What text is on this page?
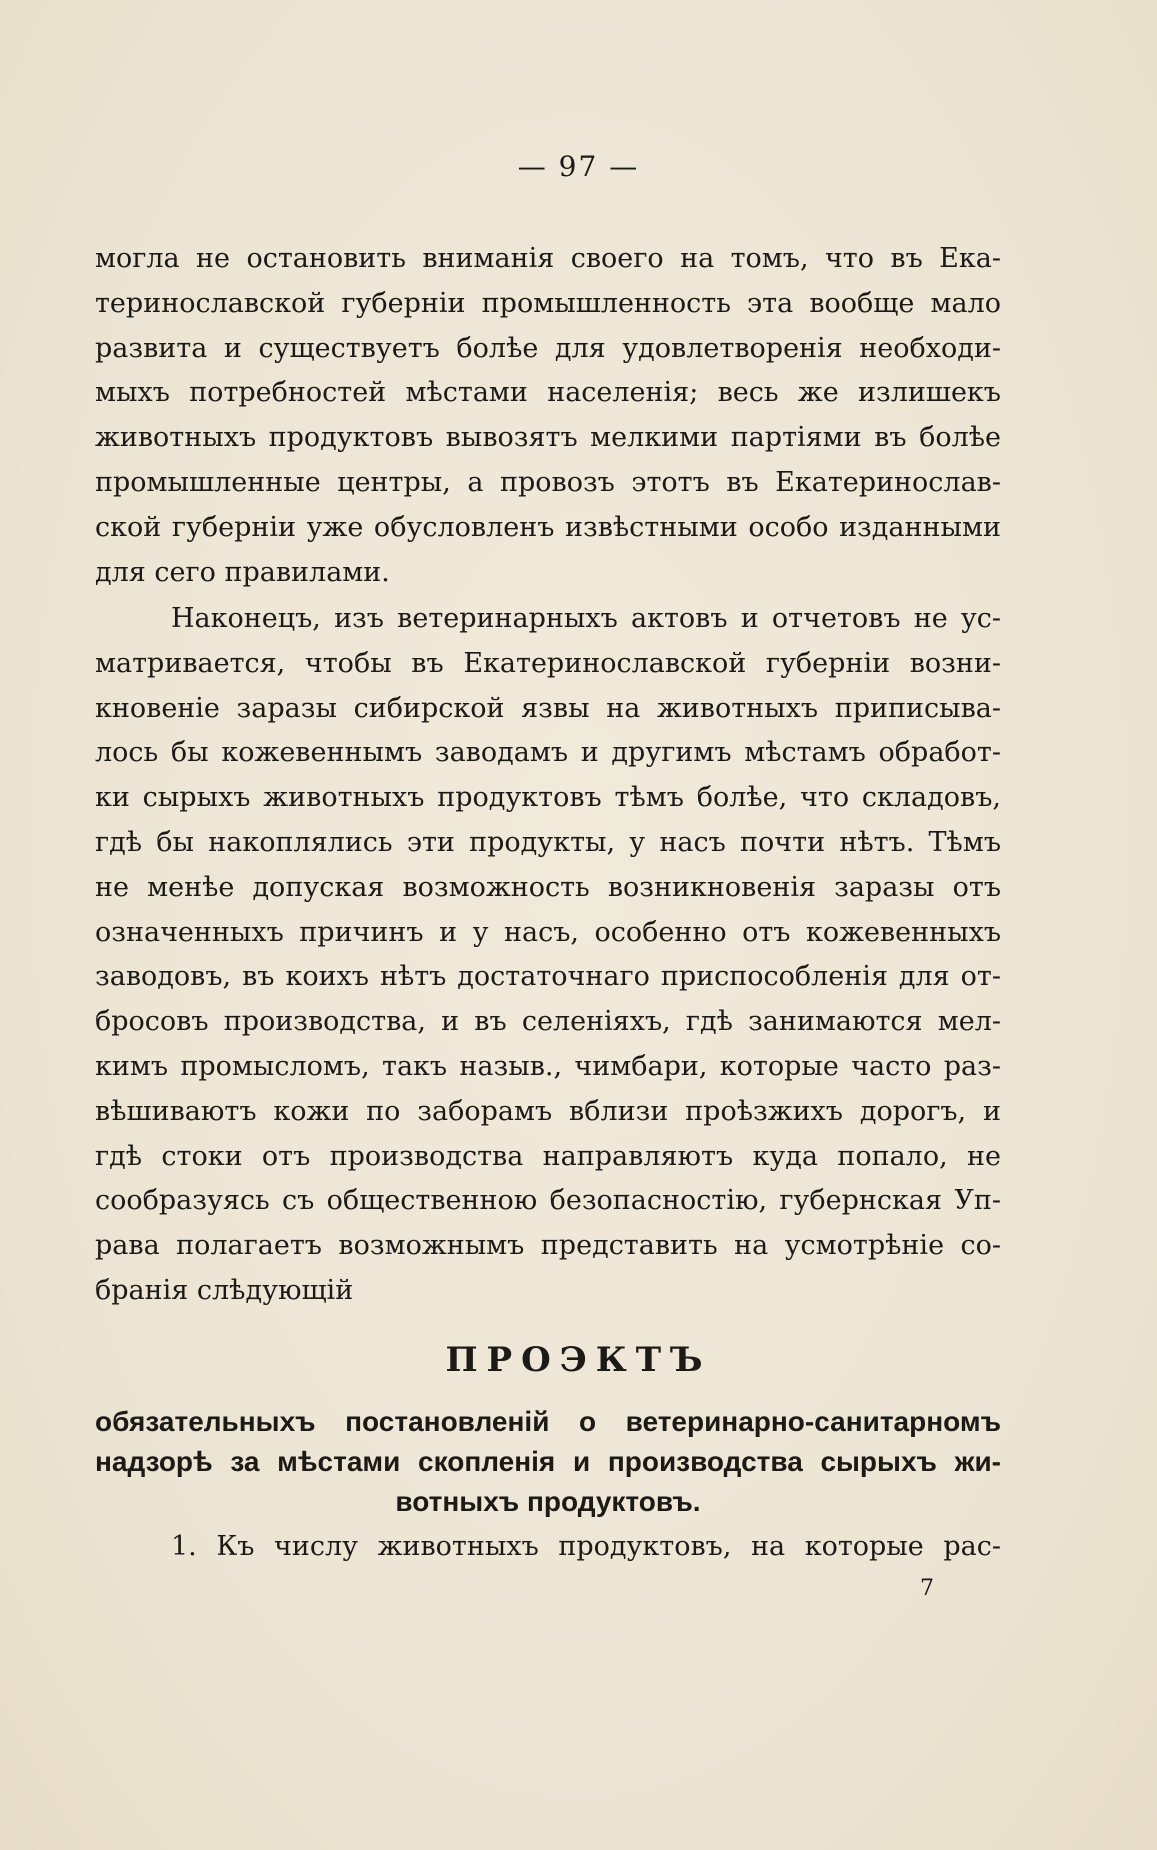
— 97 —
могла не остановить вниманія своего на томъ, что въ Ека-
теринославской губерніи промышленность эта вообще мало
развита и существуетъ болѣе для удовлетворенія необходи-
мыхъ потребностей мѣстами населенія; весь же излишекъ
животныхъ продуктовъ вывозятъ мелкими партіями въ болѣе
промышленные центры, а провозъ этотъ въ Екатеринослав-
ской губерніи уже обусловленъ извѣстными особо изданными
для сего правилами.
Наконецъ, изъ ветеринарныхъ актовъ и отчетовъ не ус-
матривается, чтобы въ Екатеринославской губерніи возни-
кновеніе заразы сибирской язвы на животныхъ приписыва-
лось бы кожевеннымъ заводамъ и другимъ мѣстамъ обработ-
ки сырыхъ животныхъ продуктовъ тѣмъ болѣе, что складовъ,
гдѣ бы накоплялись эти продукты, у насъ почти нѣтъ. Тѣмъ
не менѣе допуская возможность возникновенія заразы отъ
означенныхъ причинъ и у насъ, особенно отъ кожевенныхъ
заводовъ, въ коихъ нѣтъ достаточнаго приспособленія для от-
бросовъ производства, и въ селеніяхъ, гдѣ занимаются мел-
кимъ промысломъ, такъ назыв., чимбари, которые часто раз-
вѣшиваютъ кожи по заборамъ вблизи проѣзжихъ дорогъ, и
гдѣ стоки отъ производства направляютъ куда попало, не
сообразуясь съ общественною безопасностію, губернская Уп-
рава полагаетъ возможнымъ представить на усмотрѣніе со-
бранія слѣдующій
ПРОЭКТЪ
обязательныхъ постановленій о ветеринарно-санитарномъ
надзорѣ за мѣстами скопленія и производства сырыхъ жи-
вотныхъ продуктовъ.
1. Къ числу животныхъ продуктовъ, на которые рас-
7
